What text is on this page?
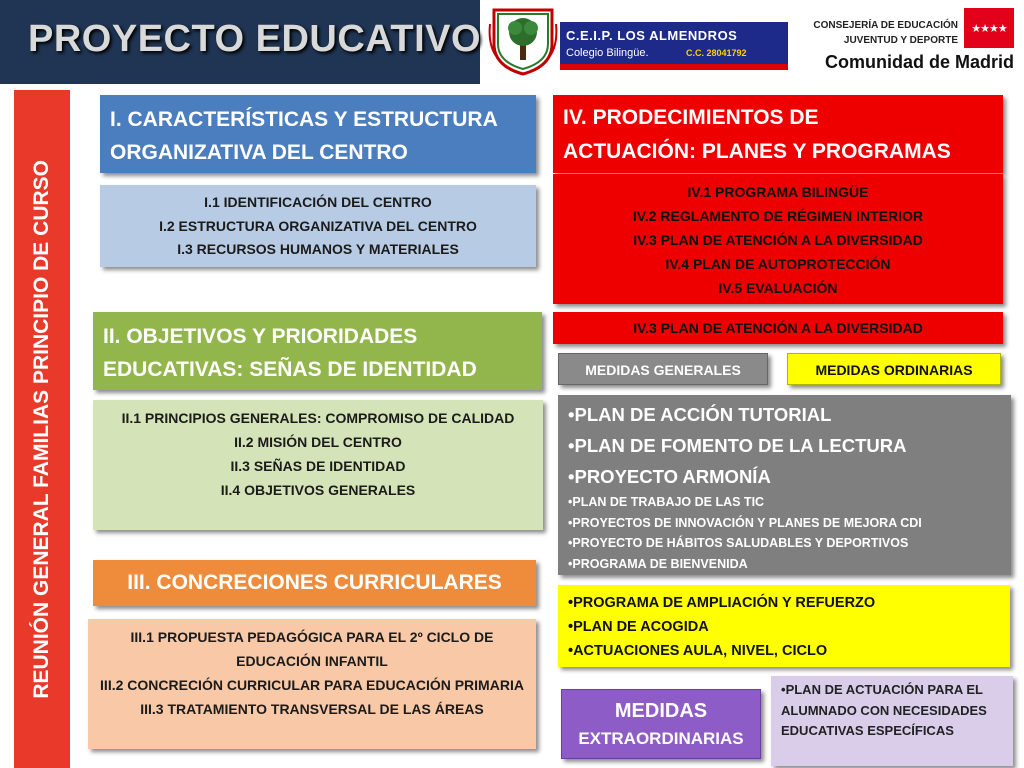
PROYECTO EDUCATIVO	C.E.I.P. LOS ALMENDROS
Colegio Bilingüe.	C.C. 28041792
CONSEJERÍA DE EDUCACIÓN
JUVENTUD Y DEPORTE
Comunidad de Madrid
★★★★
REUNIÓN GENERAL FAMILIAS PRINCIPIO DE CURSO
I. CARACTERÍSTICAS Y ESTRUCTURA
ORGANIZATIVA DEL CENTRO
I.1 IDENTIFICACIÓN DEL CENTRO
I.2 ESTRUCTURA ORGANIZATIVA DEL CENTRO
I.3 RECURSOS HUMANOS Y MATERIALES
II. OBJETIVOS Y PRIORIDADES
EDUCATIVAS: SEÑAS DE IDENTIDAD
II.1 PRINCIPIOS GENERALES: COMPROMISO DE CALIDAD
II.2 MISIÓN DEL CENTRO
II.3 SEÑAS DE IDENTIDAD
II.4 OBJETIVOS GENERALES
III. CONCRECIONES CURRICULARES
III.1 PROPUESTA PEDAGÓGICA PARA EL 2º CICLO DE EDUCACIÓN INFANTIL
III.2 CONCRECIÓN CURRICULAR PARA EDUCACIÓN PRIMARIA
III.3 TRATAMIENTO TRANSVERSAL DE LAS ÁREAS
IV. PRODECIMIENTOS DE
ACTUACIÓN: PLANES Y PROGRAMAS
IV.1 PROGRAMA BILINGÜE
IV.2 REGLAMENTO DE RÉGIMEN INTERIOR
IV.3 PLAN DE ATENCIÓN A LA DIVERSIDAD
IV.4 PLAN DE AUTOPROTECCIÓN
IV.5 EVALUACIÓN
IV.3 PLAN DE ATENCIÓN A LA DIVERSIDAD
MEDIDAS GENERALES	MEDIDAS ORDINARIAS
• PLAN DE ACCIÓN TUTORIAL
• PLAN DE FOMENTO DE LA LECTURA
• PROYECTO ARMONÍA
• PLAN DE TRABAJO DE LAS TIC
• PROYECTOS DE INNOVACIÓN Y PLANES DE MEJORA CDI
• PROYECTO DE HÁBITOS SALUDABLES Y DEPORTIVOS
• PROGRAMA DE BIENVENIDA
• PROGRAMA DE AMPLIACIÓN Y REFUERZO
• PLAN DE ACOGIDA
• ACTUACIONES AULA, NIVEL, CICLO
MEDIDAS
EXTRAORDINARIAS
• PLAN DE ACTUACIÓN PARA EL ALUMNADO CON NECESIDADES EDUCATIVAS ESPECÍFICAS
